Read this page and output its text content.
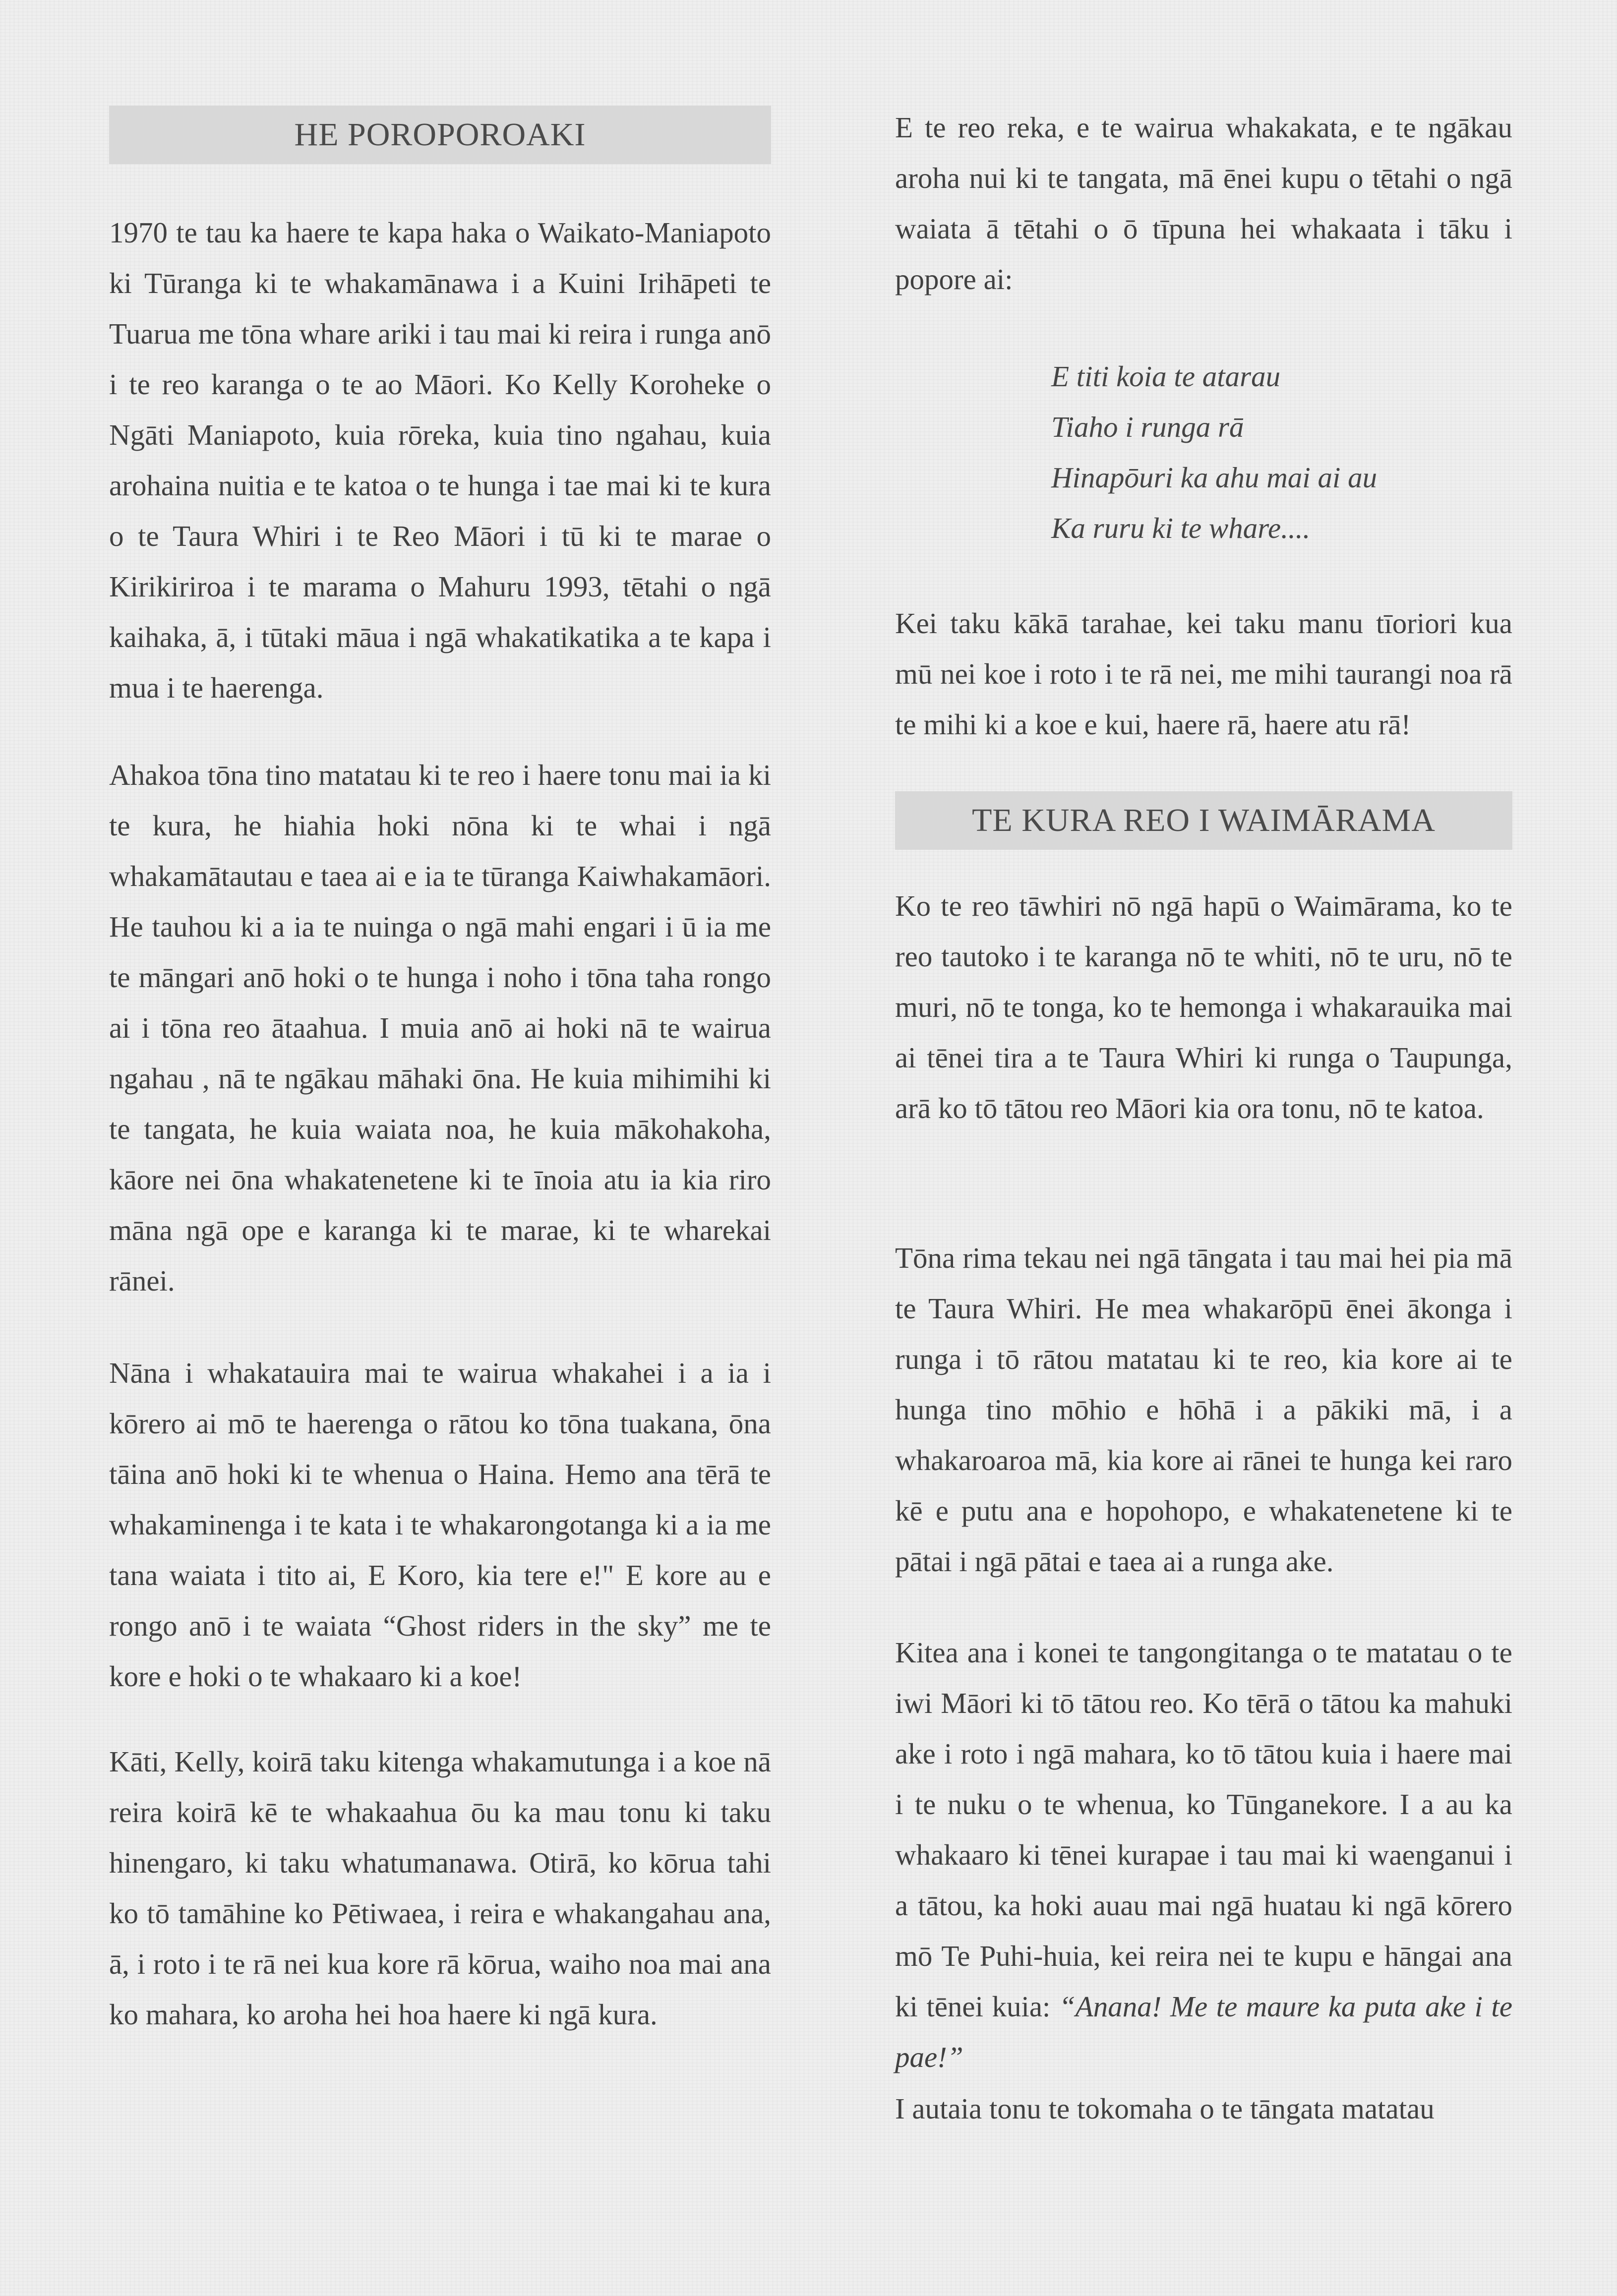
HE POROPOROAKI

1970 te tau ka haere te kapa haka o Waikato-Maniapoto ki Tūranga ki te whakamānawa i a Kuini Irihāpeti te Tuarua me tōna whare ariki i tau mai ki reira i runga anō i te reo karanga o te ao Māori. Ko Kelly Koroheke o Ngāti Maniapoto, kuia rōreka, kuia tino ngahau, kuia arohaina nuitia e te katoa o te hunga i tae mai ki te kura o te Taura Whiri i te Reo Māori i tū ki te marae o Kirikiriroa i te marama o Mahuru 1993, tētahi o ngā kaihaka, ā, i tūtaki māua i ngā whakatikatika a te kapa i mua i te haerenga.

Ahakoa tōna tino matatau ki te reo i haere tonu mai ia ki te kura, he hiahia hoki nōna ki te whai i ngā whakamātautau e taea ai e ia te tūranga Kaiwhakamāori. He tauhou ki a ia te nuinga o ngā mahi engari i ū ia me te māngari anō hoki o te hunga i noho i tōna taha rongo ai i tōna reo ātaahua. I muia anō ai hoki nā te wairua ngahau , nā te ngākau māhaki ōna. He kuia mihimihi ki te tangata, he kuia waiata noa, he kuia mākohakoha, kāore nei ōna whakatenetene ki te īnoia atu ia kia riro māna ngā ope e karanga ki te marae, ki te wharekai rānei.

Nāna i whakatauira mai te wairua whakahei i a ia i kōrero ai mō te haerenga o rātou ko tōna tuakana, ōna tāina anō hoki ki te whenua o Haina. Hemo ana tērā te whakaminenga i te kata i te whakarongotanga ki a ia me tana waiata i tito ai, E Koro, kia tere e!" E kore au e rongo anō i te waiata “Ghost riders in the sky” me te kore e hoki o te whakaaro ki a koe!

Kāti, Kelly, koirā taku kitenga whakamutunga i a koe nā reira koirā kē te whakaahua ōu ka mau tonu ki taku hinengaro, ki taku whatumanawa. Otirā, ko kōrua tahi ko tō tamāhine ko Pētiwaea, i reira e whakangahau ana, ā, i roto i te rā nei kua kore rā kōrua, waiho noa mai ana ko mahara, ko aroha hei hoa haere ki ngā kura.

E te reo reka, e te wairua whakakata, e te ngākau aroha nui ki te tangata, mā ēnei kupu o tētahi o ngā waiata ā tētahi o ō tīpuna hei whakaata i tāku i popore ai:

E titi koia te atarau
Tiaho i runga rā
Hinapōuri ka ahu mai ai au
Ka ruru ki te whare....

Kei taku kākā tarahae, kei taku manu tīoriori kua mū nei koe i roto i te rā nei, me mihi taurangi noa rā te mihi ki a koe e kui, haere rā, haere atu rā!

TE KURA REO I WAIMĀRAMA

Ko te reo tāwhiri nō ngā hapū o Waimārama, ko te reo tautoko i te karanga nō te whiti, nō te uru, nō te muri, nō te tonga, ko te hemonga i whakarauika mai ai tēnei tira a te Taura Whiri ki runga o Taupunga, arā ko tō tātou reo Māori kia ora tonu, nō te katoa.

Tōna rima tekau nei ngā tāngata i tau mai hei pia mā te Taura Whiri. He mea whakarōpū ēnei ākonga i runga i tō rātou matatau ki te reo, kia kore ai te hunga tino mōhio e hōhā i a pākiki mā, i a whakaroaroa mā, kia kore ai rānei te hunga kei raro kē e putu ana e hopohopo, e whakatenetene ki te pātai i ngā pātai e taea ai a runga ake.

Kitea ana i konei te tangongitanga o te matatau o te iwi Māori ki tō tātou reo. Ko tērā o tātou ka mahuki ake i roto i ngā mahara, ko tō tātou kuia i haere mai i te nuku o te whenua, ko Tūnganekore. I a au ka whakaaro ki tēnei kurapae i tau mai ki waenganui i a tātou, ka hoki auau mai ngā huatau ki ngā kōrero mō Te Puhi-huia, kei reira nei te kupu e hāngai ana ki tēnei kuia: “Anana! Me te maure ka puta ake i te pae!”

I autaia tonu te tokomaha o te tāngata matatau
